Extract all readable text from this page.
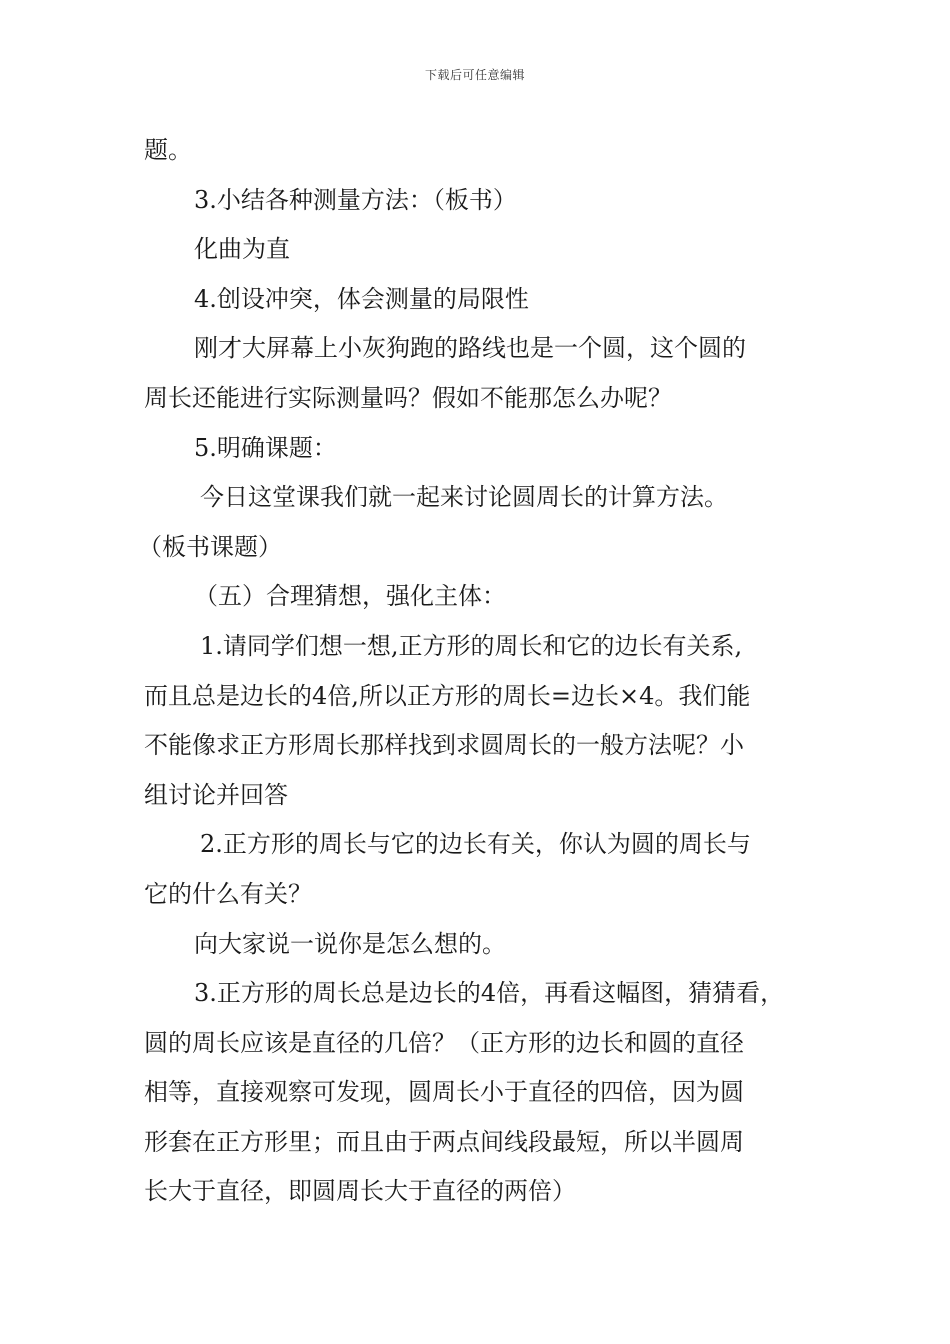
下载后可任意编辑
题。
3.小结各种测量方法：（板书）
化曲为直
4.创设冲突，体会测量的局限性
刚才大屏幕上小灰狗跑的路线也是一个圆，这个圆的
周长还能进行实际测量吗？假如不能那怎么办呢？
5.明确课题：
今日这堂课我们就一起来讨论圆周长的计算方法。
（板书课题）
（五）合理猜想，强化主体：
1.请同学们想一想,正方形的周长和它的边长有关系,
而且总是边长的4倍,所以正方形的周长=边长×4。我们能
不能像求正方形周长那样找到求圆周长的一般方法呢？小
组讨论并回答
2.正方形的周长与它的边长有关，你认为圆的周长与
它的什么有关？
向大家说一说你是怎么想的。
3.正方形的周长总是边长的4倍，再看这幅图，猜猜看，
圆的周长应该是直径的几倍？（正方形的边长和圆的直径
相等，直接观察可发现，圆周长小于直径的四倍，因为圆
形套在正方形里；而且由于两点间线段最短，所以半圆周
长大于直径，即圆周长大于直径的两倍）
